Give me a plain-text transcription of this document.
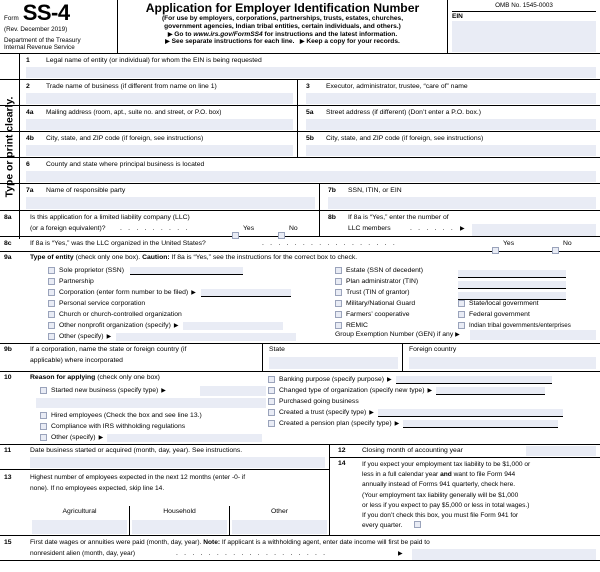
Form SS-4
(Rev. December 2019)
Department of the Treasury
Internal Revenue Service
Application for Employer Identification Number
(For use by employers, corporations, partnerships, trusts, estates, churches,
government agencies, Indian tribal entities, certain individuals, and others.)
▶ Go to www.irs.gov/FormSS4 for instructions and the latest information.
▶ See separate instructions for each line. ▶ Keep a copy for your records.
OMB No. 1545-0003
EIN
Type or print clearly.
1 Legal name of entity (or individual) for whom the EIN is being requested
2 Trade name of business (if different from name on line 1)	3 Executor, administrator, trustee, “care of” name
4a Mailing address (room, apt., suite no. and street, or P.O. box)	5a Street address (if different) (Don’t enter a P.O. box.)
4b City, state, and ZIP code (if foreign, see instructions)	5b City, state, and ZIP code (if foreign, see instructions)
6 County and state where principal business is located
7a Name of responsible party	7b SSN, ITIN, or EIN
8a	Is this application for a limited liability company (LLC)
(or a foreign equivalent)? . . . . . . . . .	Yes	No
8b If 8a is “Yes,” enter the number of
LLC members	. . . . . . ▶
8c	If 8a is “Yes,” was the LLC organized in the United States?	. . . . . . . . . . . . . . . . .	Yes	No
9a	Type of entity (check only one box). Caution: If 8a is “Yes,” see the instructions for the correct box to check.
Sole proprietor (SSN)
Partnership
Corporation (enter form number to be filed) ▶
Personal service corporation
Church or church-controlled organization
Other nonprofit organization (specify) ▶
Other (specify) ▶
Estate (SSN of decedent)
Plan administrator (TIN)
Trust (TIN of grantor)
Military/National Guard
Farmers’ cooperative
REMIC
State/local government
Federal government
Indian tribal governments/enterprises
Group Exemption Number (GEN) if any ▶
9b	If a corporation, name the state or foreign country (if
applicable) where incorporated
State	Foreign country
10	Reason for applying (check only one box)
Started new business (specify type) ▶
Hired employees (Check the box and see line 13.)
Compliance with IRS withholding regulations
Other (specify) ▶
Banking purpose (specify purpose) ▶
Changed type of organization (specify new type) ▶
Purchased going business
Created a trust (specify type) ▶
Created a pension plan (specify type) ▶
11	Date business started or acquired (month, day, year). See instructions.
13	Highest number of employees expected in the next 12 months (enter -0- if
none). If no employees expected, skip line 14.
Agricultural	Household	Other
12 Closing month of accounting year
14 If you expect your employment tax liability to be $1,000 or
less in a full calendar year and want to file Form 944
annually instead of Forms 941 quarterly, check here.
(Your employment tax liability generally will be $1,000
or less if you expect to pay $5,000 or less in total wages.)
If you don’t check this box, you must file Form 941 for
every quarter.
15	First date wages or annuities were paid (month, day, year). Note: If applicant is a withholding agent, enter date income will first be paid to
nonresident alien (month, day, year)	. . . . . . . . . . . . . . . . . . .	▶
